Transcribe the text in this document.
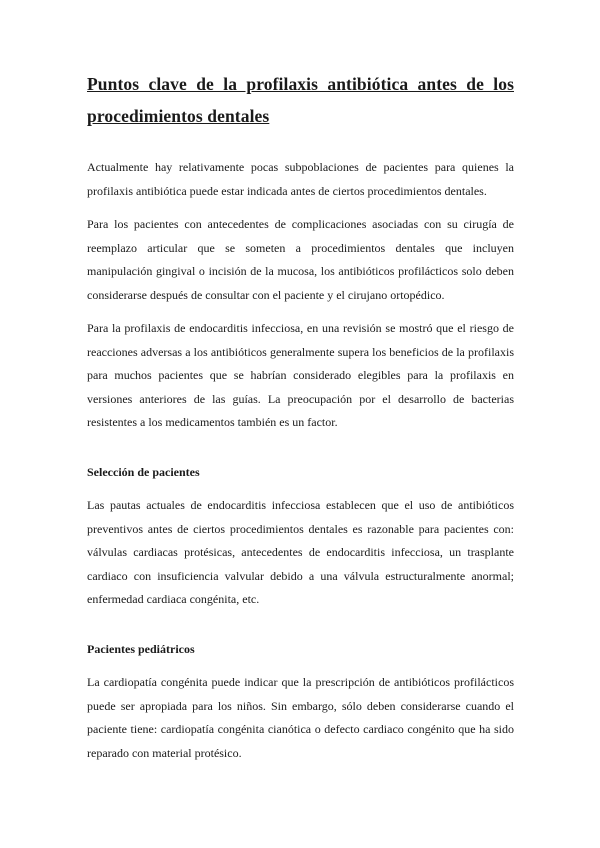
Puntos clave de la profilaxis antibiótica antes de los procedimientos dentales

Actualmente hay relativamente pocas subpoblaciones de pacientes para quienes la profilaxis antibiótica puede estar indicada antes de ciertos procedimientos dentales.

Para los pacientes con antecedentes de complicaciones asociadas con su cirugía de reemplazo articular que se someten a procedimientos dentales que incluyen manipulación gingival o incisión de la mucosa, los antibióticos profilácticos solo deben considerarse después de consultar con el paciente y el cirujano ortopédico.

Para la profilaxis de endocarditis infecciosa, en una revisión se mostró que el riesgo de reacciones adversas a los antibióticos generalmente supera los beneficios de la profilaxis para muchos pacientes que se habrían considerado elegibles para la profilaxis en versiones anteriores de las guías. La preocupación por el desarrollo de bacterias resistentes a los medicamentos también es un factor.

Selección de pacientes

Las pautas actuales de endocarditis infecciosa establecen que el uso de antibióticos preventivos antes de ciertos procedimientos dentales es razonable para pacientes con: válvulas cardiacas protésicas, antecedentes de endocarditis infecciosa, un trasplante cardiaco con insuficiencia valvular debido a una válvula estructuralmente anormal; enfermedad cardiaca congénita, etc.

Pacientes pediátricos

La cardiopatía congénita puede indicar que la prescripción de antibióticos profilácticos puede ser apropiada para los niños. Sin embargo, sólo deben considerarse cuando el paciente tiene: cardiopatía congénita cianótica o defecto cardiaco congénito que ha sido reparado con material protésico.
